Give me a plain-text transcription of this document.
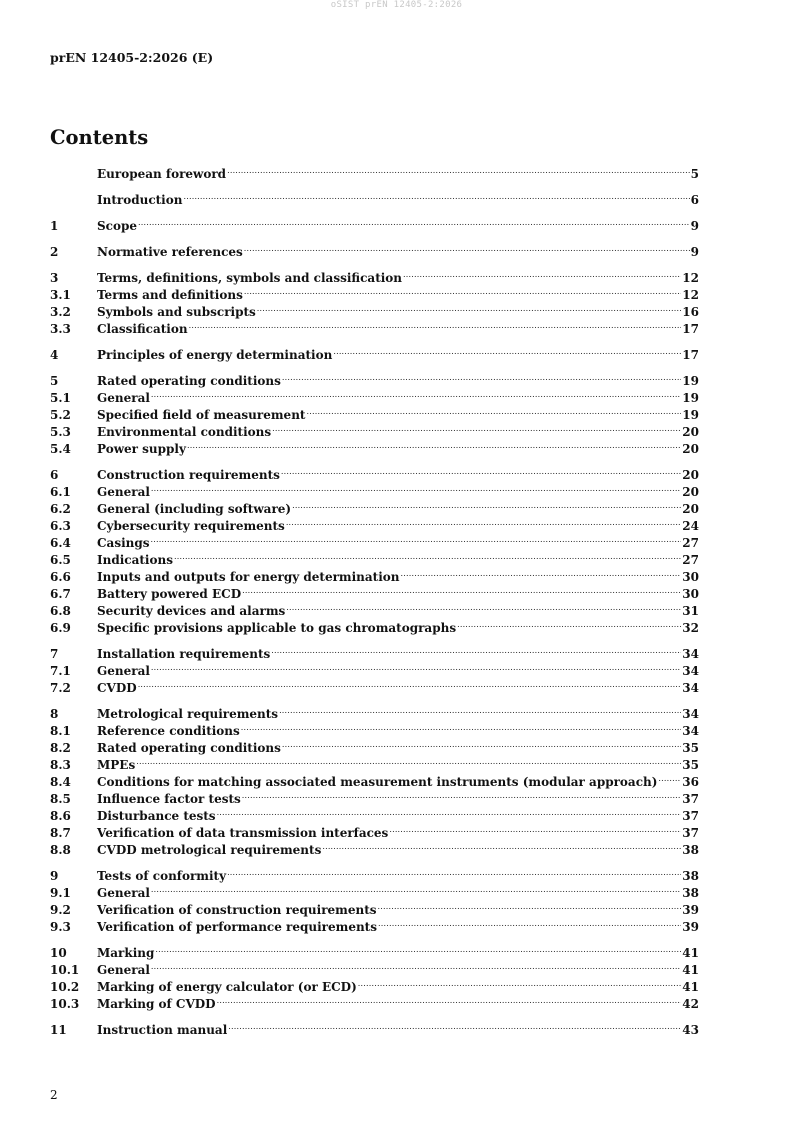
oSIST prEN 12405-2:2026
prEN 12405-2:2026 (E)
Contents
European foreword .....	5
Introduction .....	6
1	Scope .....	9
2	Normative references .....	9
3	Terms, definitions, symbols and classification .....	12
3.1	Terms and definitions .....	12
3.2	Symbols and subscripts .....	16
3.3	Classification .....	17
4	Principles of energy determination .....	17
5	Rated operating conditions .....	19
5.1	General .....	19
5.2	Specified field of measurement .....	19
5.3	Environmental conditions .....	20
5.4	Power supply .....	20
6	Construction requirements .....	20
6.1	General .....	20
6.2	General (including software) .....	20
6.3	Cybersecurity requirements .....	24
6.4	Casings .....	27
6.5	Indications .....	27
6.6	Inputs and outputs for energy determination .....	30
6.7	Battery powered ECD .....	30
6.8	Security devices and alarms .....	31
6.9	Specific provisions applicable to gas chromatographs .....	32
7	Installation requirements .....	34
7.1	General .....	34
7.2	CVDD .....	34
8	Metrological requirements .....	34
8.1	Reference conditions .....	34
8.2	Rated operating conditions .....	35
8.3	MPEs .....	35
8.4	Conditions for matching associated measurement instruments (modular approach) ..... 36
8.5	Influence factor tests .....	37
8.6	Disturbance tests .....	37
8.7	Verification of data transmission interfaces .....	37
8.8	CVDD metrological requirements .....	38
9	Tests of conformity .....	38
9.1	General .....	38
9.2	Verification of construction requirements .....	39
9.3	Verification of performance requirements .....	39
10	Marking .....	41
10.1	General .....	41
10.2	Marking of energy calculator (or ECD) .....	41
10.3	Marking of CVDD .....	42
11	Instruction manual .....	43
2
